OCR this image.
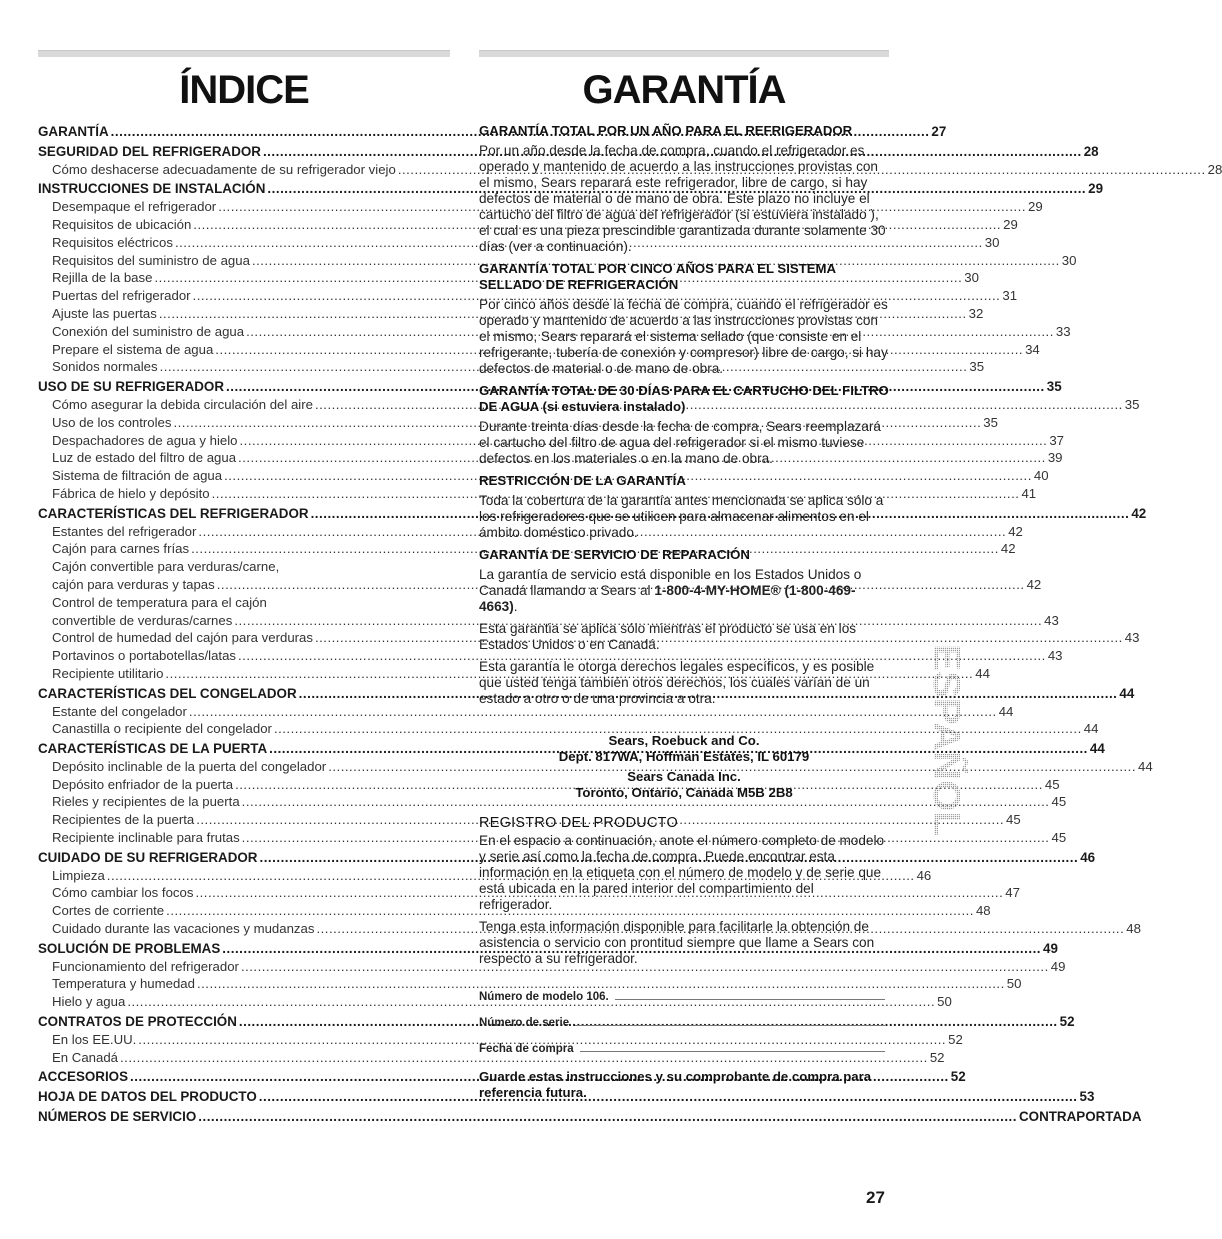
ÍNDICE
GARANTÍA .....	27
SEGURIDAD DEL REFRIGERADOR .....	28
Cómo deshacerse adecuadamente de su refrigerador viejo .....	28
INSTRUCCIONES DE INSTALACIÓN .....	29
Desempaque el refrigerador .....	29
Requisitos de ubicación .....	29
Requisitos eléctricos .....	30
Requisitos del suministro de agua .....	30
Rejilla de la base .....	30
Puertas del refrigerador .....	31
Ajuste las puertas .....	32
Conexión del suministro de agua .....	33
Prepare el sistema de agua .....	34
Sonidos normales .....	35
USO DE SU REFRIGERADOR .....	35
Cómo asegurar la debida circulación del aire .....	35
Uso de los controles .....	35
Despachadores de agua y hielo .....	37
Luz de estado del filtro de agua .....	39
Sistema de filtración de agua .....	40
Fábrica de hielo y depósito .....	41
CARACTERÍSTICAS DEL REFRIGERADOR .....	42
Estantes del refrigerador .....	42
Cajón para carnes frías .....	42
Cajón convertible para verduras/carne,
cajón para verduras y tapas .....	42
Control de temperatura para el cajón
convertible de verduras/carnes .....	43
Control de humedad del cajón para verduras .....	43
Portavinos o portabotellas/latas .....	43
Recipiente utilitario .....	44
CARACTERÍSTICAS DEL CONGELADOR .....	44
Estante del congelador .....	44
Canastilla o recipiente del congelador .....	44
CARACTERÍSTICAS DE LA PUERTA .....	44
Depósito inclinable de la puerta del congelador .....	44
Depósito enfriador de la puerta .....	45
Rieles y recipientes de la puerta .....	45
Recipientes de la puerta .....	45
Recipiente inclinable para frutas .....	45
CUIDADO DE SU REFRIGERADOR .....	46
Limpieza .....	46
Cómo cambiar los focos .....	47
Cortes de corriente .....	48
Cuidado durante las vacaciones y mudanzas .....	48
SOLUCIÓN DE PROBLEMAS .....	49
Funcionamiento del refrigerador .....	49
Temperatura y humedad .....	50
Hielo y agua .....	50
CONTRATOS DE PROTECCIÓN .....	52
En los EE.UU. .....	52
En Canadá .....	52
ACCESORIOS .....	52
HOJA DE DATOS DEL PRODUCTO .....	53
NÚMEROS DE SERVICIO .....	CONTRAPORTADA
GARANTÍA
GARANTÍA TOTAL POR UN AÑO PARA EL REFRIGERADOR
Por un año desde la fecha de compra, cuando el refrigerador es operado y mantenido de acuerdo a las instrucciones provistas con el mismo, Sears reparará este refrigerador, libre de cargo, si hay defectos de material o de mano de obra. Este plazo no incluye el cartucho del filtro de agua del refrigerador (si estuviera instalado ), el cual es una pieza prescindible garantizada durante solamente 30 días (ver a continuación).
GARANTÍA TOTAL POR CINCO AÑOS PARA EL SISTEMA SELLADO DE REFRIGERACIÓN
Por cinco años desde la fecha de compra, cuando el refrigerador es operado y mantenido de acuerdo a las instrucciones provistas con el mismo, Sears reparará el sistema sellado (que consiste en el refrigerante, tubería de conexión y compresor) libre de cargo, si hay defectos de material o de mano de obra.
GARANTÍA TOTAL DE 30 DÍAS PARA EL CARTUCHO DEL FILTRO DE AGUA (si estuviera instalado)
Durante treinta días desde la fecha de compra, Sears reemplazará el cartucho del filtro de agua del refrigerador si el mismo tuviese defectos en los materiales o en la mano de obra.
RESTRICCIÓN DE LA GARANTÍA
Toda la cobertura de la garantía antes mencionada se aplica sólo a los refrigeradores que se utilicen para almacenar alimentos en el ámbito doméstico privado.
GARANTÍA DE SERVICIO DE REPARACIÓN
La garantía de servicio está disponible en los Estados Unidos o Canadá llamando a Sears al 1-800-4-MY-HOME® (1-800-469-4663).
Esta garantia se aplica sólo mientras el producto se usa en los Estados Unidos o en Canadá.
Esta garantía le otorga derechos legales específicos, y es posible que usted tenga también otros derechos, los cuales varían de un estado a otro o de una provincia a otra.
Sears, Roebuck and Co.
Dept. 817WA, Hoffman Estates, IL 60179
Sears Canada Inc.
Toronto, Ontario, Canada M5B 2B8
REGISTRO DEL PRODUCTO
En el espacio a continuación, anote el número completo de modelo y serie así como la fecha de compra. Puede encontrar esta información en la etiqueta con el número de modelo y de serie que está ubicada en la pared interior del compartimiento del refrigerador.
Tenga esta información disponible para facilitarle la obtención de asistencia o servicio con prontitud siempre que llame a Sears con respecto a su refrigerador.
Número de modelo 106.
Número de serie
Fecha de compra
Guarde estas instrucciones y su comprobante de compra para referencia futura.
ESPAÑOL
27
